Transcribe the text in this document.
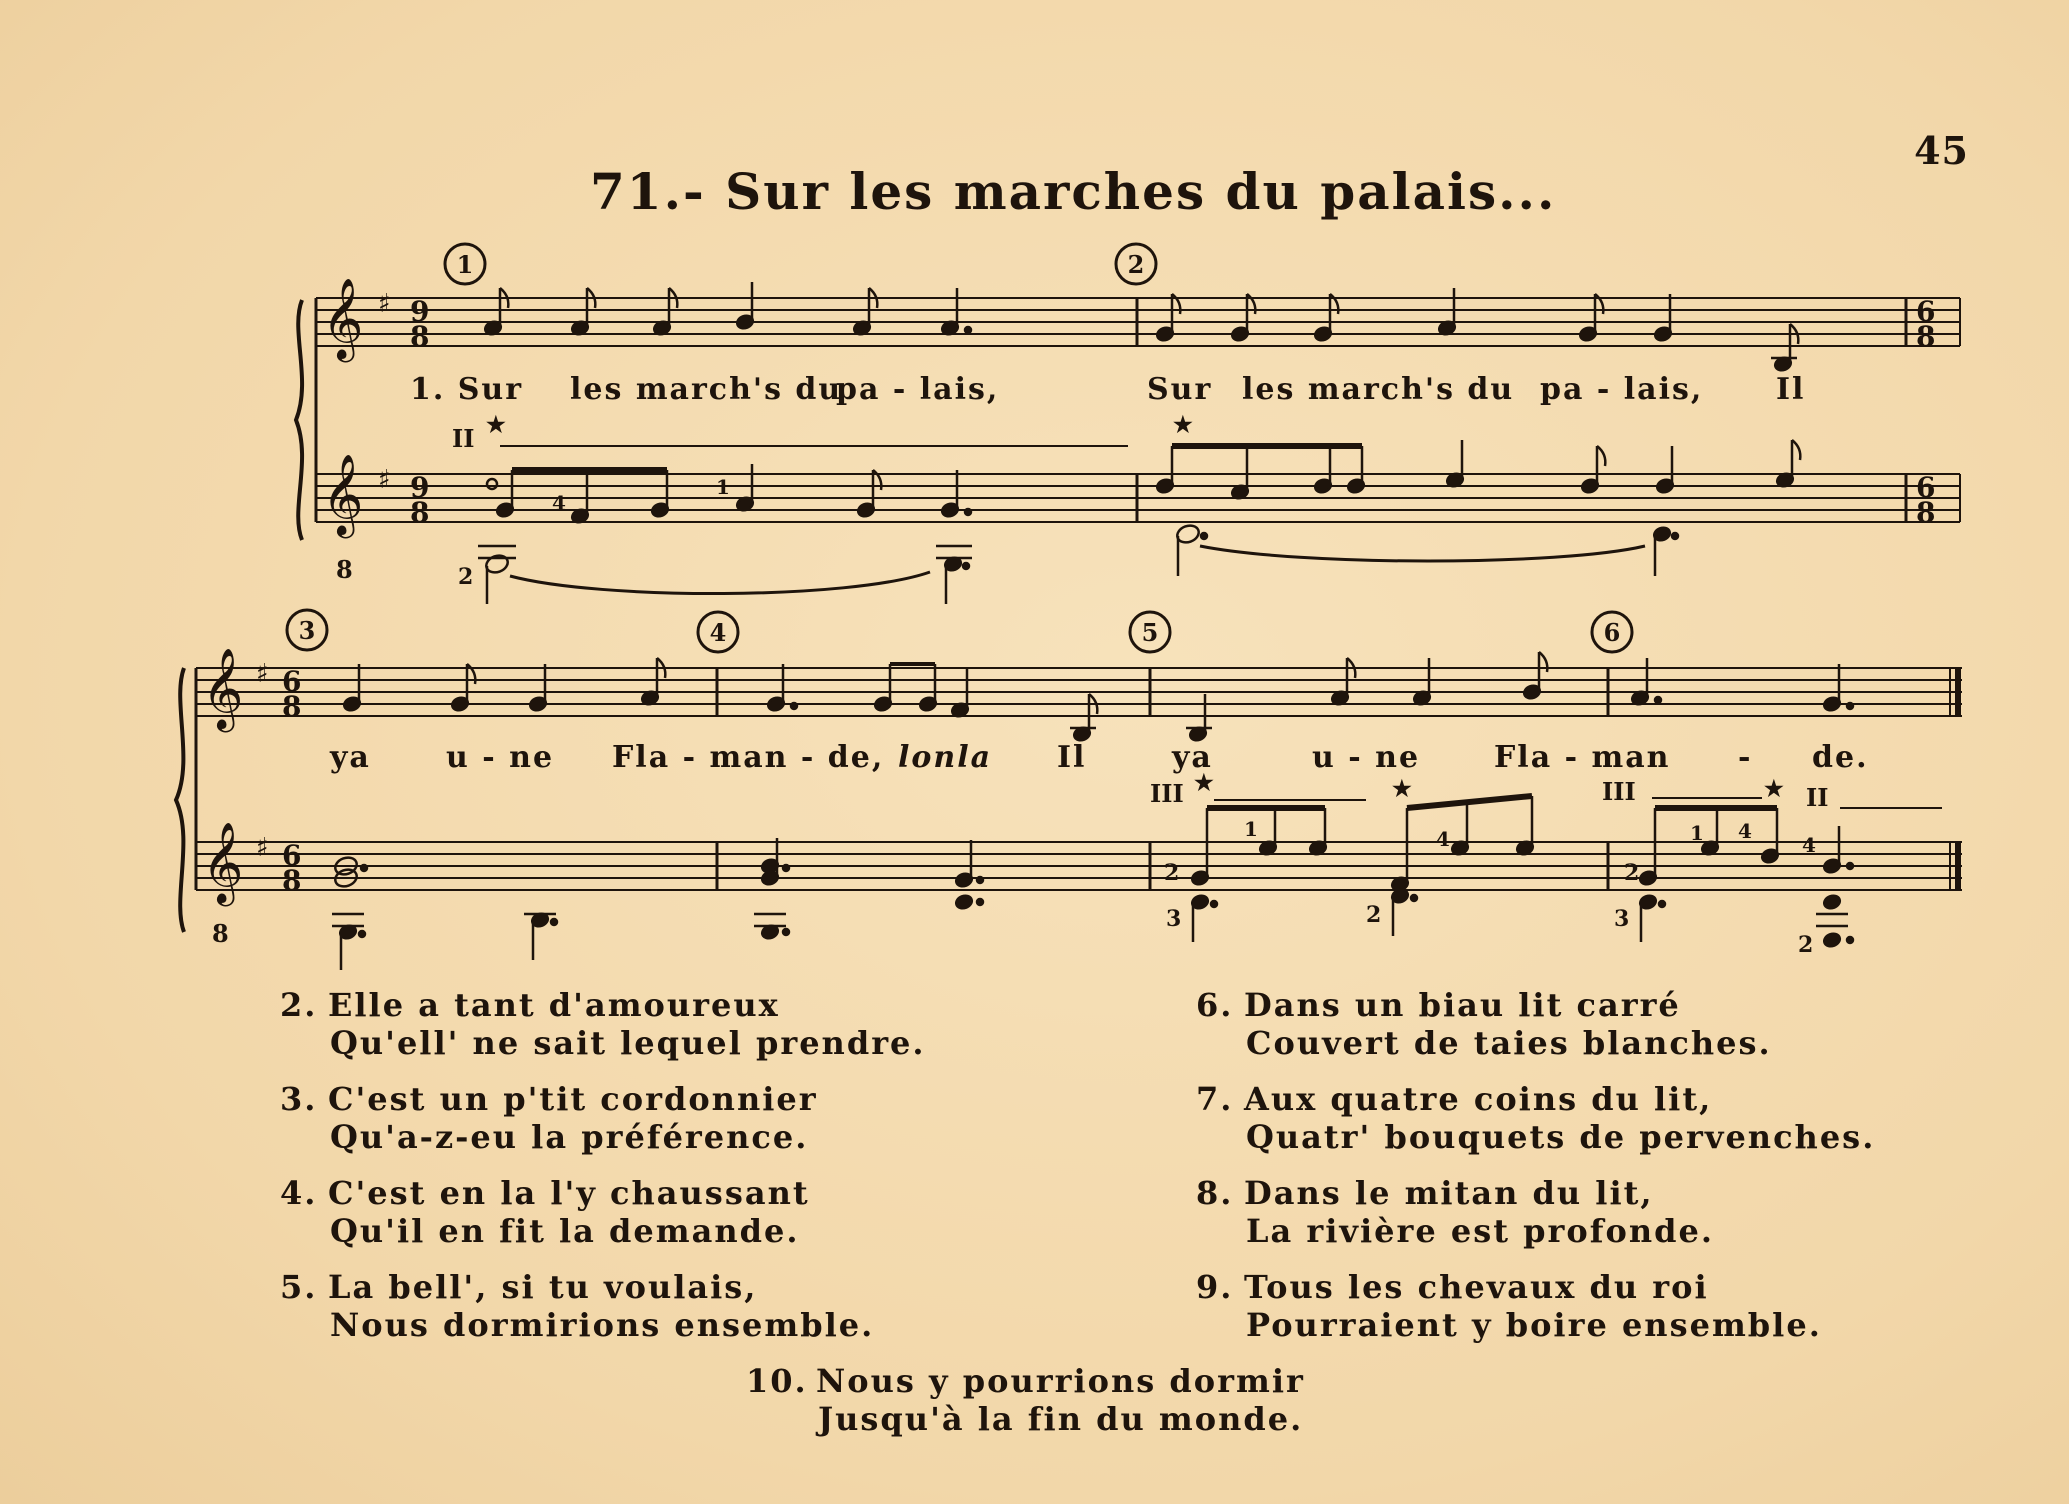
45
71.- Sur les marches du palais...
𝄞
𝄞
♯
♯
8
9
8
9
8
6
8
6
8
1	2
II ★	★
4
1
2
𝄞
𝄞
♯
♯
8
6
8
6
8
3	4	5	6
III ★	★	III	★ II
1	4	1 4
4
2	2
3	2	3
2
1. Sur les march's du
pa - lais,	Sur les march's du pa - lais, Il
ya	u - ne Fla - man - de, lonla Il	ya	u - ne Fla - man - de.
2. Elle a tant d'amoureux
Qu'ell' ne sait lequel prendre.
3. C'est un p'tit cordonnier
Qu'a-z-eu la préférence.
4. C'est en la l'y chaussant
Qu'il en fit la demande.
5. La bell', si tu voulais,
Nous dormirions ensemble.
6. Dans un biau lit carré
Couvert de taies blanches.
7. Aux quatre coins du lit,
Quatr' bouquets de pervenches.
8. Dans le mitan du lit,
La rivière est profonde.
9. Tous les chevaux du roi
Pourraient y boire ensemble.
10. Nous y pourrions dormir
Jusqu'à la fin du monde.
